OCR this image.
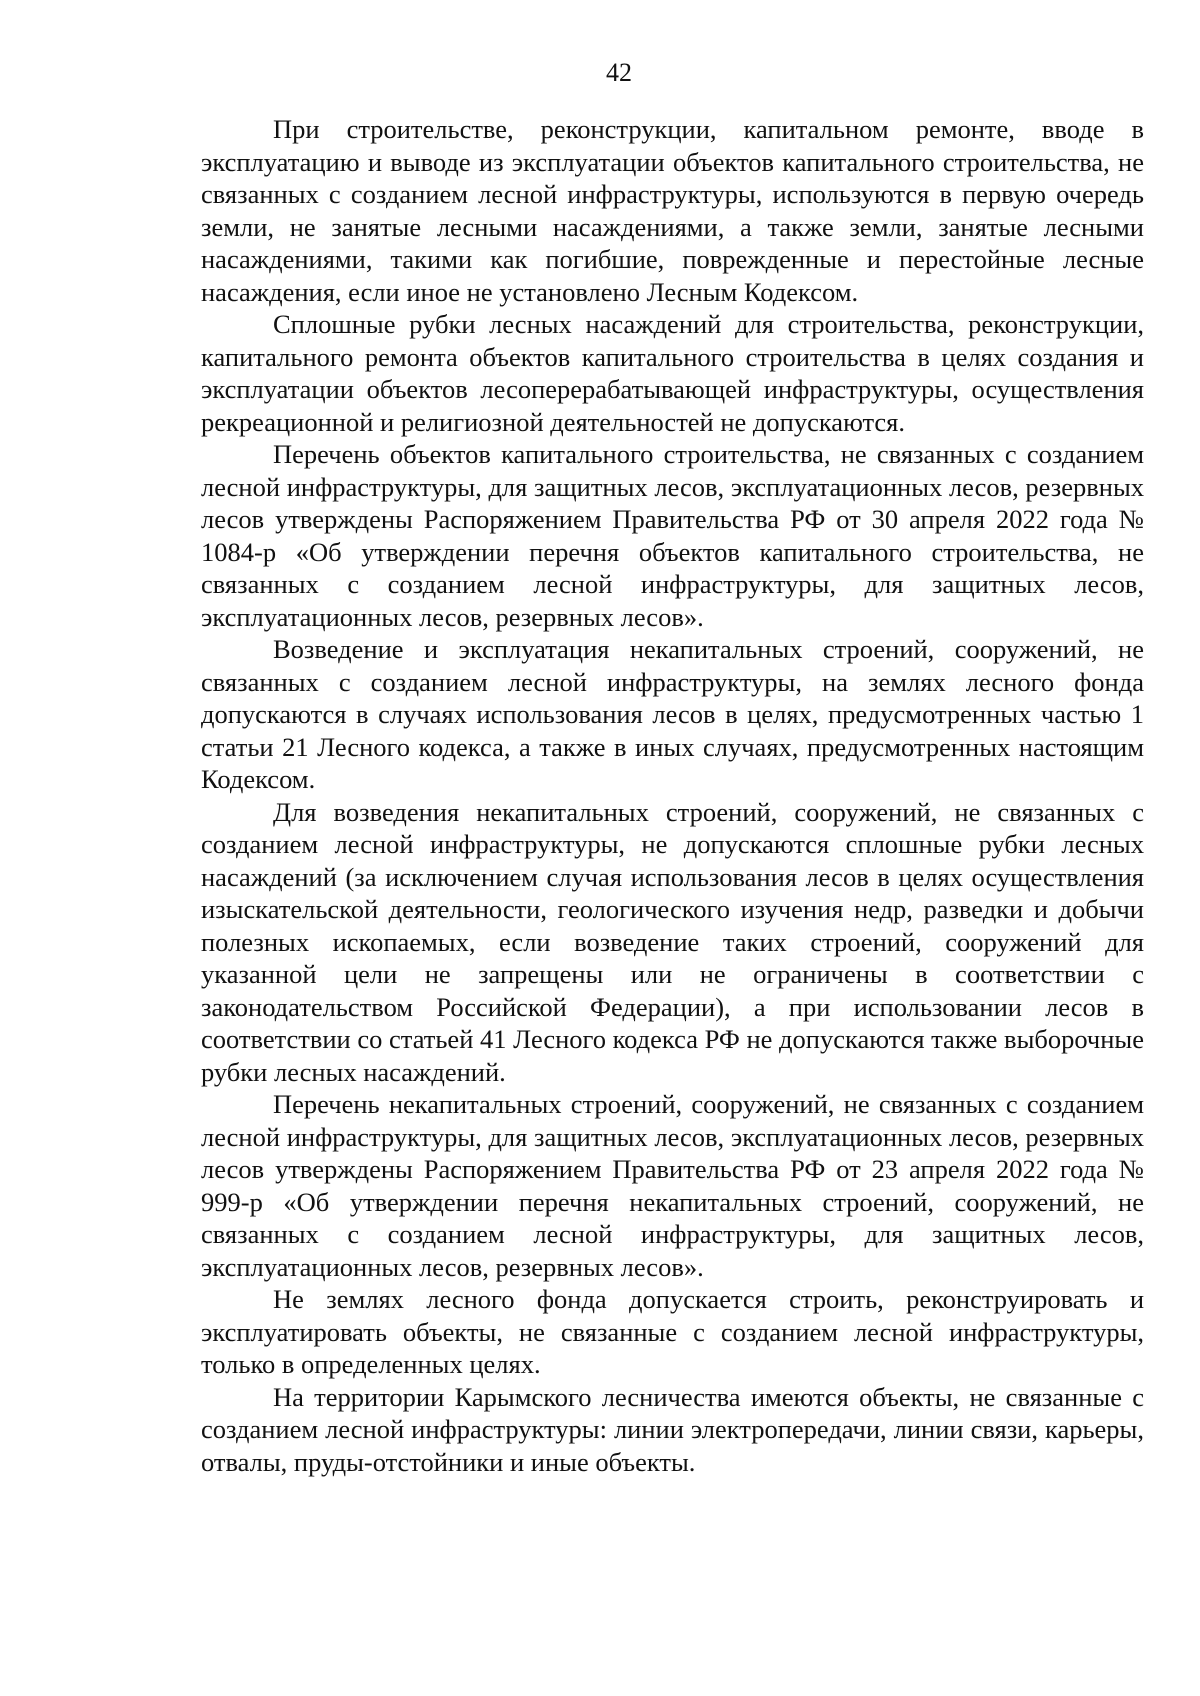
42

При строительстве, реконструкции, капитальном ремонте, вводе в эксплуатацию и выводе из эксплуатации объектов капитального строительства, не связанных с созданием лесной инфраструктуры, используются в первую очередь земли, не занятые лесными насаждениями, а также земли, занятые лесными насаждениями, такими как погибшие, поврежденные и перестойные лесные насаждения, если иное не установлено Лесным Кодексом.

Сплошные рубки лесных насаждений для строительства, реконструкции, капитального ремонта объектов капитального строительства в целях создания и эксплуатации объектов лесоперерабатывающей инфраструктуры, осуществления рекреационной и религиозной деятельностей не допускаются.

Перечень объектов капитального строительства, не связанных с созданием лесной инфраструктуры, для защитных лесов, эксплуатационных лесов, резервных лесов утверждены Распоряжением Правительства РФ от 30 апреля 2022 года № 1084-р «Об утверждении перечня объектов капитального строительства, не связанных с созданием лесной инфраструктуры, для защитных лесов, эксплуатационных лесов, резервных лесов».

Возведение и эксплуатация некапитальных строений, сооружений, не связанных с созданием лесной инфраструктуры, на землях лесного фонда допускаются в случаях использования лесов в целях, предусмотренных частью 1 статьи 21 Лесного кодекса, а также в иных случаях, предусмотренных настоящим Кодексом.

Для возведения некапитальных строений, сооружений, не связанных с созданием лесной инфраструктуры, не допускаются сплошные рубки лесных насаждений (за исключением случая использования лесов в целях осуществления изыскательской деятельности, геологического изучения недр, разведки и добычи полезных ископаемых, если возведение таких строений, сооружений для указанной цели не запрещены или не ограничены в соответствии с законодательством Российской Федерации), а при использовании лесов в соответствии со статьей 41 Лесного кодекса РФ не допускаются также выборочные рубки лесных насаждений.

Перечень некапитальных строений, сооружений, не связанных с созданием лесной инфраструктуры, для защитных лесов, эксплуатационных лесов, резервных лесов утверждены Распоряжением Правительства РФ от 23 апреля 2022 года № 999-р «Об утверждении перечня некапитальных строений, сооружений, не связанных с созданием лесной инфраструктуры, для защитных лесов, эксплуатационных лесов, резервных лесов».

Не землях лесного фонда допускается строить, реконструировать и эксплуатировать объекты, не связанные с созданием лесной инфраструктуры, только в определенных целях.

На территории Карымского лесничества имеются объекты, не связанные с созданием лесной инфраструктуры: линии электропередачи, линии связи, карьеры, отвалы, пруды-отстойники и иные объекты.
